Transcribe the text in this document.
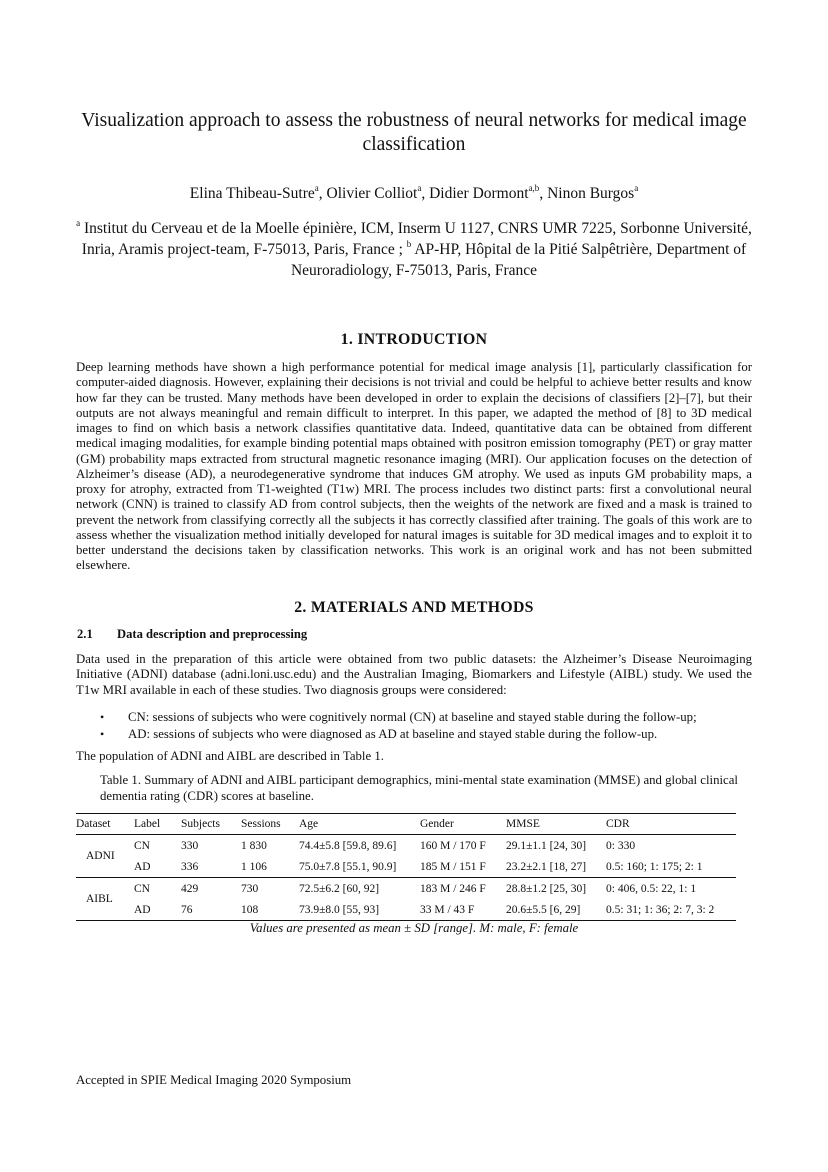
Visualization approach to assess the robustness of neural networks for medical image classification
Elina Thibeau-Sutre$^a$, Olivier Colliot$^a$, Didier Dormont$^{a,b}$, Ninon Burgos$^a$
$^a$ Institut du Cerveau et de la Moelle épinière, ICM, Inserm U 1127, CNRS UMR 7225, Sorbonne Université, Inria, Aramis project-team, F-75013, Paris, France ; $^b$ AP-HP, Hôpital de la Pitié Salpêtrière, Department of Neuroradiology, F-75013, Paris, France
1. INTRODUCTION
Deep learning methods have shown a high performance potential for medical image analysis [1], particularly classification for computer-aided diagnosis. However, explaining their decisions is not trivial and could be helpful to achieve better results and know how far they can be trusted. Many methods have been developed in order to explain the decisions of classifiers [2]–[7], but their outputs are not always meaningful and remain difficult to interpret. In this paper, we adapted the method of [8] to 3D medical images to find on which basis a network classifies quantitative data. Indeed, quantitative data can be obtained from different medical imaging modalities, for example binding potential maps obtained with positron emission tomography (PET) or gray matter (GM) probability maps extracted from structural magnetic resonance imaging (MRI). Our application focuses on the detection of Alzheimer’s disease (AD), a neurodegenerative syndrome that induces GM atrophy. We used as inputs GM probability maps, a proxy for atrophy, extracted from T1-weighted (T1w) MRI. The process includes two distinct parts: first a convolutional neural network (CNN) is trained to classify AD from control subjects, then the weights of the network are fixed and a mask is trained to prevent the network from classifying correctly all the subjects it has correctly classified after training. The goals of this work are to assess whether the visualization method initially developed for natural images is suitable for 3D medical images and to exploit it to better understand the decisions taken by classification networks. This work is an original work and has not been submitted elsewhere.
2. MATERIALS AND METHODS
2.1 Data description and preprocessing
Data used in the preparation of this article were obtained from two public datasets: the Alzheimer’s Disease Neuroimaging Initiative (ADNI) database (adni.loni.usc.edu) and the Australian Imaging, Biomarkers and Lifestyle (AIBL) study. We used the T1w MRI available in each of these studies. Two diagnosis groups were considered:
• CN: sessions of subjects who were cognitively normal (CN) at baseline and stayed stable during the follow-up;
• AD: sessions of subjects who were diagnosed as AD at baseline and stayed stable during the follow-up.
The population of ADNI and AIBL are described in Table 1.
Table 1. Summary of ADNI and AIBL participant demographics, mini-mental state examination (MMSE) and global clinical dementia rating (CDR) scores at baseline.
Dataset	Label	Subjects	Sessions	Age	Gender	MMSE	CDR
ADNI	CN	330	1 830	74.4±5.8 [59.8, 89.6]	160 M / 170 F	29.1±1.1 [24, 30]	0: 330
	AD	336	1 106	75.0±7.8 [55.1, 90.9]	185 M / 151 F	23.2±2.1 [18, 27]	0.5: 160; 1: 175; 2: 1
AIBL	CN	429	730	72.5±6.2 [60, 92]	183 M / 246 F	28.8±1.2 [25, 30]	0: 406, 0.5: 22, 1: 1
	AD	76	108	73.9±8.0 [55, 93]	33 M / 43 F	20.6±5.5 [6, 29]	0.5: 31; 1: 36; 2: 7, 3: 2
Values are presented as mean ± SD [range]. M: male, F: female
Accepted in SPIE Medical Imaging 2020 Symposium
